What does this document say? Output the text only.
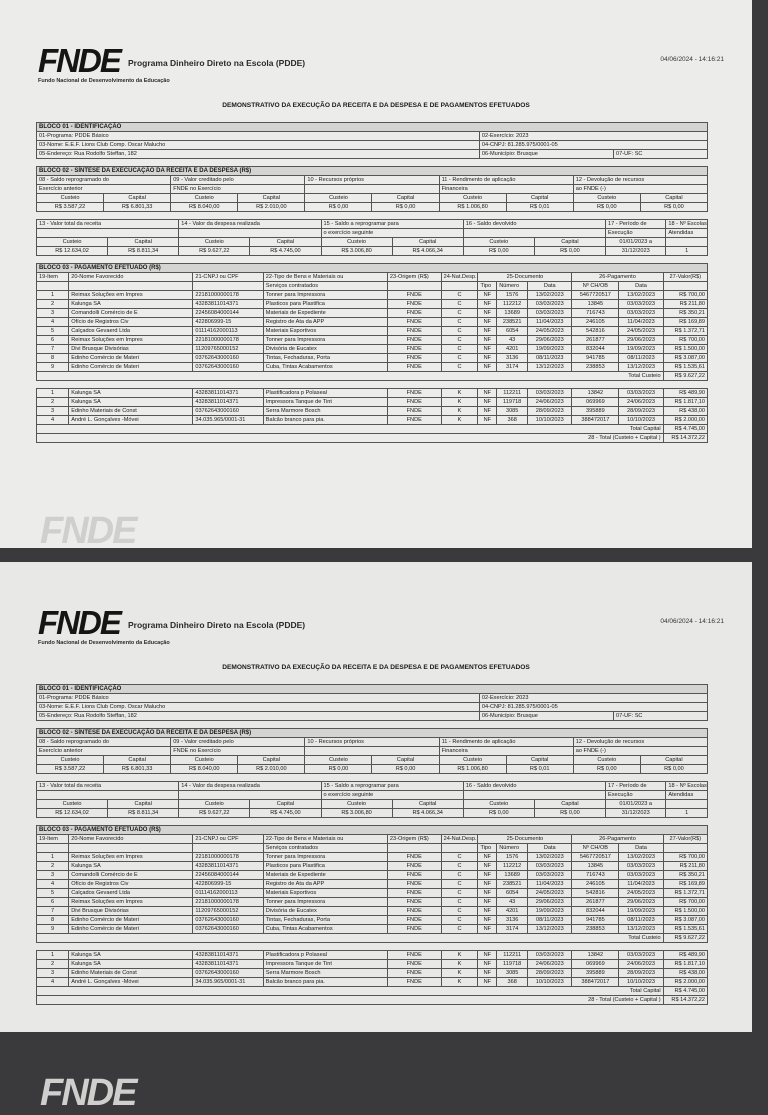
FNDE Programa Dinheiro Direto na Escola (PDDE)
Fundo Nacional de Desenvolvimento da Educação
04/06/2024 - 14:16:21
DEMONSTRATIVO DA EXECUÇÃO DA RECEITA E DA DESPESA E DE PAGAMENTOS EFETUADOS
BLOCO 01 - IDENTIFICAÇÃO		
01-Programa: PDDE Básico	02-Exercício: 2023	
03-Nome: E.E.F. Lions Club Comp. Oscar Malucho	04-CNPJ: 81.285.975/0001-05	
05-Endereço: Rua Rodolfo Steffan, 182	06-Município: Brusque	07-UF: SC
BLOCO 02 - SÍNTESE DA EXECUCAÇÃO DA RECEITA E DA DESPESA (R$)									
08 - Saldo reprogramado do		09 - Valor creditado pelo		10 - Recursos próprios		11 - Rendimento de aplicação		12 - Devolução de recursos	
Exercício anterior		FNDE no Exercício				Financeira		ao FNDE (-)	
Custeio	Capital	Custeio	Capital	Custeio	Capital	Custeio	Capital	Custeio	Capital
R$ 3.587,22	R$ 6.801,33	R$ 8.040,00	R$ 2.010,00	R$ 0,00	R$ 0,00	R$ 1.006,80	R$ 0,01	R$ 0,00	R$ 0,00
13 - Valor total da receita		14 - Valor da despesa realizada		15 - Saldo a reprogramar para		16 - Saldo devolvido		17 - Período de	18 - Nº Escolas
				o exercício seguinte				Execução	Atendidas
Custeio	Capital	Custeio	Capital	Custeio	Capital	Custeio	Capital	01/01/2023 a	
R$ 12.634,02	R$ 8.811,34	R$ 9.627,22	R$ 4.745,00	R$ 3.006,80	R$ 4.066,34	R$ 0,00	R$ 0,00	31/12/2023	1
BLOCO 03 - PAGAMENTO EFETUADO (R$)											
19-Item	20-Nome Favorecido	21-CNPJ ou CPF	22-Tipo de Bens e Materiais ou	23-Origem (R$)	24-Nat.Desp.	25-Documento			26-Pagamento		27-Valor(R$)
			Serviços contratados			Tipo	Número	Data	Nº CH/OB	Data	
1	Reimax Soluções em Impres	22181000000178	Tonner para Impressora	FNDE	C	NF	1576	13/02/2023	5467720517	13/02/2023	R$ 700,00
2	Kalunga SA	43283811014371	Plasticos para Plastifica	FNDE	C	NF	112212	03/03/2023	13845	03/03/2023	R$ 211,80
3	Comandolli Comércio de E	22456084000144	Materiais de Expediente	FNDE	C	NF	13689	03/03/2023	716743	03/03/2023	R$ 350,21
4	Ofício de Registros Civ	422806999-15	Registro de Ata da APP	FNDE	C	NF	238521	11/04/2023	246105	11/04/2023	R$ 169,89
5	Calçados Gevaerd Ltda	01114162000113	Materiais Esportivos	FNDE	C	NF	6054	24/05/2023	542816	24/05/2023	R$ 1.372,71
6	Reimax Soluções em Impres	22181000000178	Tonner para Impressora	FNDE	C	NF	43	29/06/2023	261877	29/06/2023	R$ 700,00
7	Divi Brusque Divisórias	11209765000152	Divisória de Eucatex	FNDE	C	NF	4201	19/09/2023	832044	19/09/2023	R$ 1.500,00
8	Edinho Comércio de Materi	03762643000160	Tintas, Fechaduras, Porta	FNDE	C	NF	3136	08/11/2023	941785	08/11/2023	R$ 3.087,00
9	Edinho Comércio de Materi	03762643000160	Cuba, Tintas Acabamentos	FNDE	C	NF	3174	13/12/2023	238853	13/12/2023	R$ 1.535,61
Total Custeio											R$ 9.627,22
1	Kalunga SA	43283811014371	Plastificadora p Polaseal	FNDE	K	NF	112211	03/03/2023	13842	03/03/2023	R$ 489,90
2	Kalunga SA	43283811014371	Impressora Tanque de Tint	FNDE	K	NF	119718	24/06/2023	069969	24/06/2023	R$ 1.817,10
3	Edinho Materiais de Const	03762643000160	Serra Marmore Bosch	FNDE	K	NF	3085	28/09/2023	395889	28/09/2023	R$ 438,00
4	André L. Gonçalves -Móvei	34.035.965/0001-31	Balcão branco para pia.	FNDE	K	NF	368	10/10/2023	388472017	10/10/2023	R$ 2.000,00
Total Capital											R$ 4.745,00
28 - Total (Custeio + Capital )											R$ 14.372,22
FNDE
FNDE Programa Dinheiro Direto na Escola (PDDE)
Fundo Nacional de Desenvolvimento da Educação
04/06/2024 - 14:16:21
DEMONSTRATIVO DA EXECUÇÃO DA RECEITA E DA DESPESA E DE PAGAMENTOS EFETUADOS
BLOCO 01 - IDENTIFICAÇÃO		
01-Programa: PDDE Básico	02-Exercício: 2023	
03-Nome: E.E.F. Lions Club Comp. Oscar Malucho	04-CNPJ: 81.285.975/0001-05	
05-Endereço: Rua Rodolfo Steffan, 182	06-Município: Brusque	07-UF: SC
BLOCO 02 - SÍNTESE DA EXECUCAÇÃO DA RECEITA E DA DESPESA (R$)									
08 - Saldo reprogramado do		09 - Valor creditado pelo		10 - Recursos próprios		11 - Rendimento de aplicação		12 - Devolução de recursos	
Exercício anterior		FNDE no Exercício				Financeira		ao FNDE (-)	
Custeio	Capital	Custeio	Capital	Custeio	Capital	Custeio	Capital	Custeio	Capital
R$ 3.587,22	R$ 6.801,33	R$ 8.040,00	R$ 2.010,00	R$ 0,00	R$ 0,00	R$ 1.006,80	R$ 0,01	R$ 0,00	R$ 0,00
13 - Valor total da receita		14 - Valor da despesa realizada		15 - Saldo a reprogramar para		16 - Saldo devolvido		17 - Período de	18 - Nº Escolas
				o exercício seguinte				Execução	Atendidas
Custeio	Capital	Custeio	Capital	Custeio	Capital	Custeio	Capital	01/01/2023 a	
R$ 12.634,02	R$ 8.811,34	R$ 9.627,22	R$ 4.745,00	R$ 3.006,80	R$ 4.066,34	R$ 0,00	R$ 0,00	31/12/2023	1
BLOCO 03 - PAGAMENTO EFETUADO (R$)											
19-Item	20-Nome Favorecido	21-CNPJ ou CPF	22-Tipo de Bens e Materiais ou	23-Origem (R$)	24-Nat.Desp.	25-Documento			26-Pagamento		27-Valor(R$)
			Serviços contratados			Tipo	Número	Data	Nº CH/OB	Data	
1	Reimax Soluções em Impres	22181000000178	Tonner para Impressora	FNDE	C	NF	1576	13/02/2023	5467720517	13/02/2023	R$ 700,00
2	Kalunga SA	43283811014371	Plasticos para Plastifica	FNDE	C	NF	112212	03/03/2023	13845	03/03/2023	R$ 211,80
3	Comandolli Comércio de E	22456084000144	Materiais de Expediente	FNDE	C	NF	13689	03/03/2023	716743	03/03/2023	R$ 350,21
4	Ofício de Registros Civ	422806999-15	Registro de Ata da APP	FNDE	C	NF	238521	11/04/2023	246105	11/04/2023	R$ 169,89
5	Calçados Gevaerd Ltda	01114162000113	Materiais Esportivos	FNDE	C	NF	6054	24/05/2023	542816	24/05/2023	R$ 1.372,71
6	Reimax Soluções em Impres	22181000000178	Tonner para Impressora	FNDE	C	NF	43	29/06/2023	261877	29/06/2023	R$ 700,00
7	Divi Brusque Divisórias	11209765000152	Divisória de Eucatex	FNDE	C	NF	4201	19/09/2023	832044	19/09/2023	R$ 1.500,00
8	Edinho Comércio de Materi	03762643000160	Tintas, Fechaduras, Porta	FNDE	C	NF	3136	08/11/2023	941785	08/11/2023	R$ 3.087,00
9	Edinho Comércio de Materi	03762643000160	Cuba, Tintas Acabamentos	FNDE	C	NF	3174	13/12/2023	238853	13/12/2023	R$ 1.535,61
Total Custeio											R$ 9.627,22
1	Kalunga SA	43283811014371	Plastificadora p Polaseal	FNDE	K	NF	112211	03/03/2023	13842	03/03/2023	R$ 489,90
2	Kalunga SA	43283811014371	Impressora Tanque de Tint	FNDE	K	NF	119718	24/06/2023	069969	24/06/2023	R$ 1.817,10
3	Edinho Materiais de Const	03762643000160	Serra Marmore Bosch	FNDE	K	NF	3085	28/09/2023	395889	28/09/2023	R$ 438,00
4	André L. Gonçalves -Móvei	34.035.965/0001-31	Balcão branco para pia.	FNDE	K	NF	368	10/10/2023	388472017	10/10/2023	R$ 2.000,00
Total Capital											R$ 4.745,00
28 - Total (Custeio + Capital )											R$ 14.372,22
FNDE
